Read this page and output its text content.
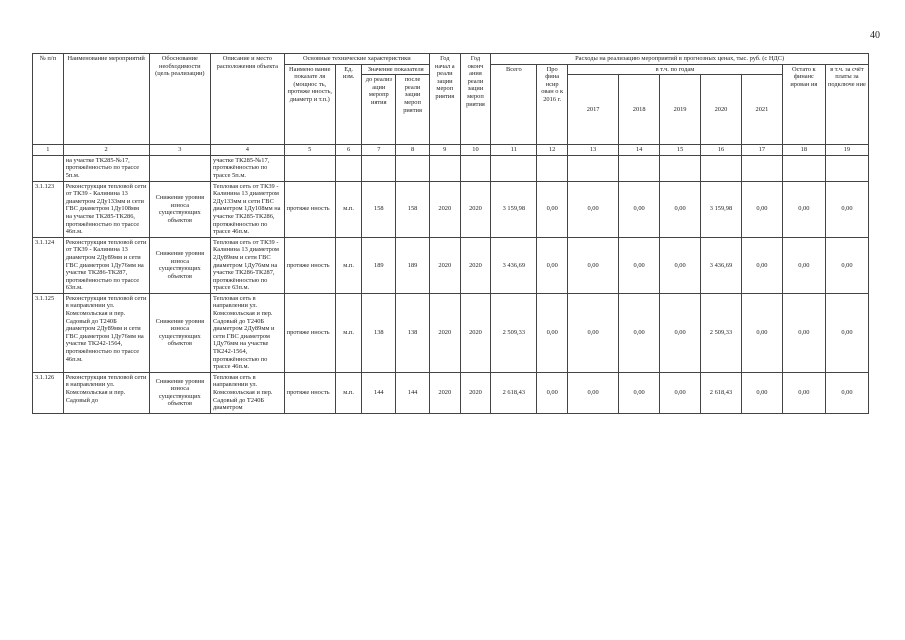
40
№ п/п	Наименование мероприятий	Обоснование необходимости (цель реализации)	Описание и место расположения объекта	Основные технические характеристики				Год начал а реали зации мероп риятия	Год оконч ания реали зации мероп риятия	Расходы на реализацию мероприятий в прогнозных ценах, тыс. руб. (с НДС)								
				Наимено вание показате ля (мощнос ть, протяже нность, диаметр и т.п.)	Ед. изм.	Значение показателя				Всего	Про фина нсир ован о к 2016 г.	в т.ч. по годам					Остато к финанс ирован ия	в т.ч. за счёт платы за подключе ние
						до реализ ации меропр иятия	после реали зации мероп риятия					2017	2018	2019	2020	2021		
1	2	3	4	5	6	7	8	9	10	11	12	13	14	15	16	17	18	19
	на участке ТК285-№17, протяжённостью по трассе 5п.м.		участке ТК285-№17, протяжённостью по трассе 5п.м.															
3.1.123	Реконструкция тепловой сети от ТК39 - Калинина 13 диаметром 2Ду133мм и сети ГВС диаметром 1Ду108мм на участке ТК285-ТК286, протяжённостью по трассе 46п.м.	Снижение уровня износа существующих объектов	Тепловая сеть от ТК39 - Калинина 13 диаметром 2Ду133мм и сети ГВС диаметром 1Ду108мм на участке ТК285-ТК286, протяжённостью по трассе 46п.м.	протяже нность	м.п.	158	158	2020	2020	3 159,98	0,00	0,00	0,00	0,00	3 159,98	0,00	0,00	0,00
3.1.124	Реконструкция тепловой сети от ТК39 - Калинина 13 диаметром 2Ду89мм и сети ГВС диаметром 1Ду76мм на участке ТК286-ТК287, протяжённостью по трассе 63п.м.	Снижение уровня износа существующих объектов	Тепловая сеть от ТК39 - Калинина 13 диаметром 2Ду89мм и сети ГВС диаметром 1Ду76мм на участке ТК286-ТК287, протяжённостью по трассе 63п.м.	протяже нность	м.п.	189	189	2020	2020	3 436,69	0,00	0,00	0,00	0,00	3 436,69	0,00	0,00	0,00
3.1.125	Реконструкция тепловой сети в направлении ул. Комсомольская и пер. Садовый до Т240Б диаметром 2Ду89мм и сети ГВС диаметром 1Ду76мм на участке ТК242-1564, протяжённостью по трассе 46п.м.	Снижение уровня износа существующих объектов	Тепловая сеть в направлении ул. Комсомольская и пер. Садовый до Т240Б диаметром 2Ду89мм и сети ГВС диаметром 1Ду76мм на участке ТК242-1564, протяжённостью по трассе 46п.м.	протяже нность	м.п.	138	138	2020	2020	2 509,33	0,00	0,00	0,00	0,00	2 509,33	0,00	0,00	0,00
3.1.126	Реконструкция тепловой сети в направлении ул. Комсомольская и пер. Садовый до	Снижение уровня износа существующих объектов	Тепловая сеть в направлении ул. Комсомольская и пер. Садовый до Т240Б диаметром	протяже нность	м.п.	144	144	2020	2020	2 618,43	0,00	0,00	0,00	0,00	2 618,43	0,00	0,00	0,00
